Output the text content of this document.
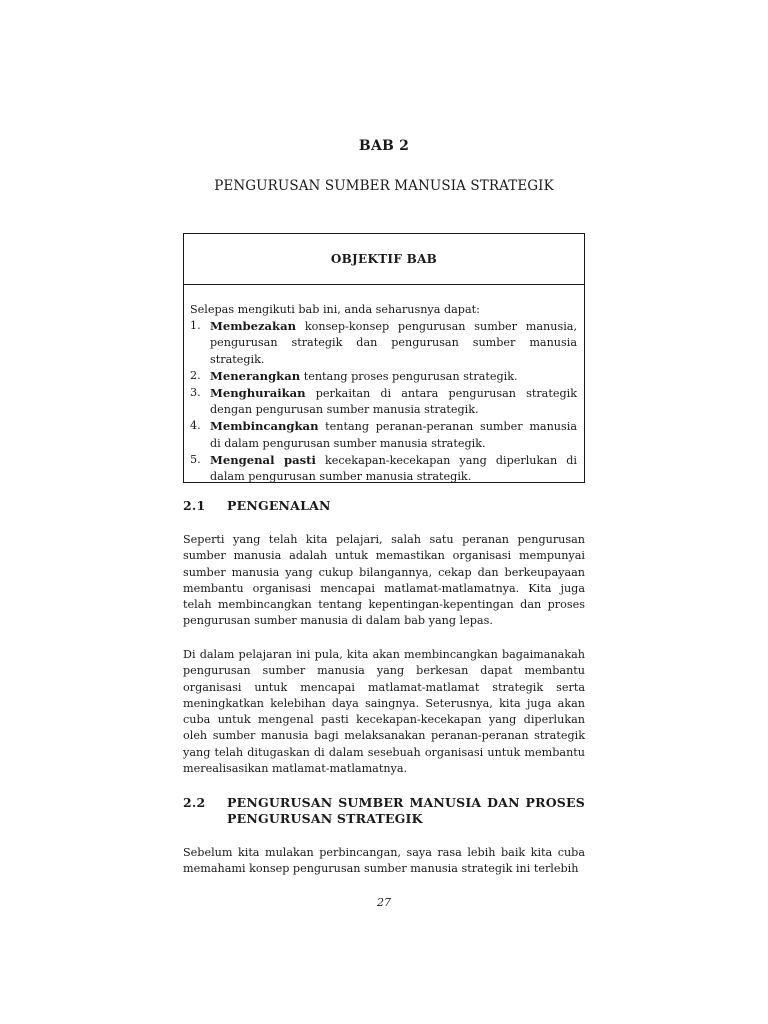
BAB 2
PENGURUSAN SUMBER MANUSIA STRATEGIK
OBJEKTIF BAB
Selepas mengikuti bab ini, anda seharusnya dapat:
1. Membezakan konsep-konsep pengurusan sumber manusia, pengurusan strategik dan pengurusan sumber manusia strategik.
2. Menerangkan tentang proses pengurusan strategik.
3. Menghuraikan perkaitan di antara pengurusan strategik dengan pengurusan sumber manusia strategik.
4. Membincangkan tentang peranan-peranan sumber manusia di dalam pengurusan sumber manusia strategik.
5. Mengenal pasti kecekapan-kecekapan yang diperlukan di dalam pengurusan sumber manusia strategik.
2.1	PENGENALAN

Seperti yang telah kita pelajari, salah satu peranan pengurusan sumber manusia adalah untuk memastikan organisasi mempunyai sumber manusia yang cukup bilangannya, cekap dan berkeupayaan membantu organisasi mencapai matlamat-matlamatnya. Kita juga telah membincangkan tentang kepentingan-kepentingan dan proses pengurusan sumber manusia di dalam bab yang lepas.

Di dalam pelajaran ini pula, kita akan membincangkan bagaimanakah pengurusan sumber manusia yang berkesan dapat membantu organisasi untuk mencapai matlamat-matlamat strategik serta meningkatkan kelebihan daya saingnya. Seterusnya, kita juga akan cuba untuk mengenal pasti kecekapan-kecekapan yang diperlukan oleh sumber manusia bagi melaksanakan peranan-peranan strategik yang telah ditugaskan di dalam sesebuah organisasi untuk membantu merealisasikan matlamat-matlamatnya.

2.2	PENGURUSAN SUMBER MANUSIA DAN PROSES PENGURUSAN STRATEGIK

Sebelum kita mulakan perbincangan, saya rasa lebih baik kita cuba memahami konsep pengurusan sumber manusia strategik ini terlebih

27
